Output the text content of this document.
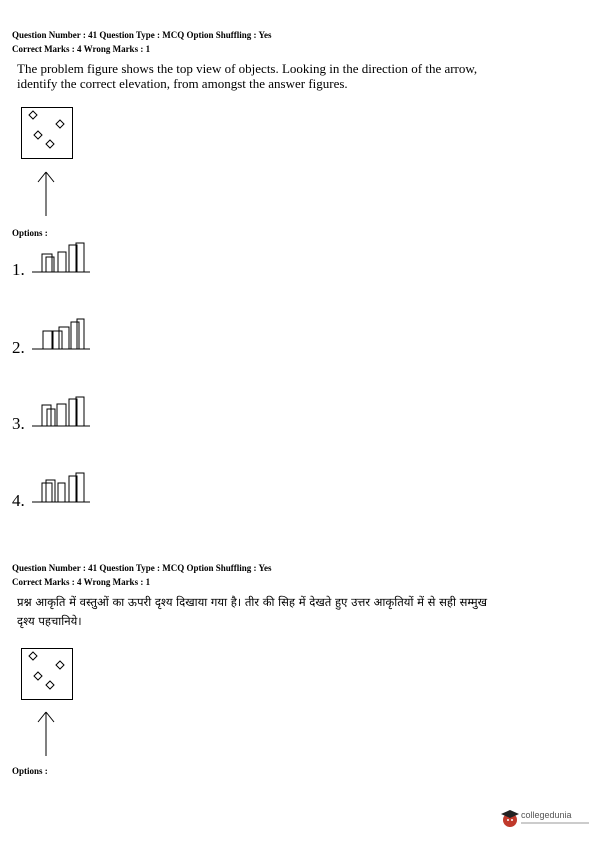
Question Number : 41 Question Type : MCQ Option Shuffling : Yes
Correct Marks : 4 Wrong Marks : 1
The problem figure shows the top view of objects. Looking in the direction of the arrow,
identify the correct elevation, from amongst the answer figures.
Options :
1.
2.
3.
4.
Question Number : 41 Question Type : MCQ Option Shuffling : Yes
Correct Marks : 4 Wrong Marks : 1
प्रश्न आकृति में वस्तुओं का ऊपरी दृश्य दिखाया गया है। तीर की सिह में देखते हुए उत्तर आकृतियों में से सही सम्मुख
दृश्य पहचानिये।
Options :
collegedunia
